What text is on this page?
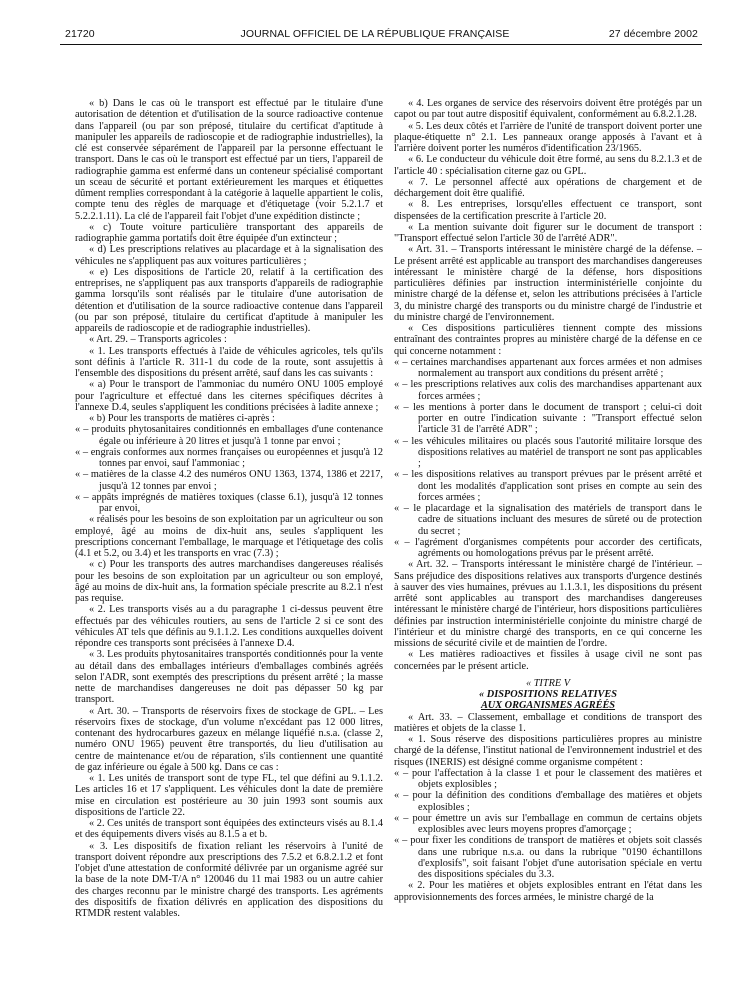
21720	JOURNAL OFFICIEL DE LA RÉPUBLIQUE FRANÇAISE	27 décembre 2002

« b) Dans le cas où le transport est effectué par le titulaire d'une autorisation de détention et d'utilisation de la source radioactive contenue dans l'appareil (ou par son préposé, titulaire du certificat d'aptitude à manipuler les appareils de radioscopie et de radiographie industrielles), la clé est conservée séparément de l'appareil par la personne effectuant le transport. Dans le cas où le transport est effectué par un tiers, l'appareil de radiographie gamma est enfermé dans un conteneur spécialisé comportant un sceau de sécurité et portant extérieurement les marques et étiquettes dûment remplies correspondant à la catégorie à laquelle appartient le colis, compte tenu des règles de marquage et d'étiquetage (voir 5.2.1.7 et 5.2.2.1.11). La clé de l'appareil fait l'objet d'une expédition distincte ;

« c) Toute voiture particulière transportant des appareils de radiographie gamma portatifs doit être équipée d'un extincteur ;

« d) Les prescriptions relatives au placardage et à la signalisation des véhicules ne s'appliquent pas aux voitures particulières ;

« e) Les dispositions de l'article 20, relatif à la certification des entreprises, ne s'appliquent pas aux transports d'appareils de radiographie gamma lorsqu'ils sont réalisés par le titulaire d'une autorisation de détention et d'utilisation de la source radioactive contenue dans l'appareil (ou par son préposé, titulaire du certificat d'aptitude à manipuler les appareils de radioscopie et de radiographie industrielles).

« Art. 29. – Transports agricoles :

« 1. Les transports effectués à l'aide de véhicules agricoles, tels qu'ils sont définis à l'article R. 311-1 du code de la route, sont assujettis à l'ensemble des dispositions du présent arrêté, sauf dans les cas suivants :

« a) Pour le transport de l'ammoniac du numéro ONU 1005 employé pour l'agriculture et effectué dans les citernes spécifiques décrites à l'annexe D.4, seules s'appliquent les conditions précisées à ladite annexe ;

« b) Pour les transports de matières ci-après :

« – produits phytosanitaires conditionnés en emballages d'une contenance égale ou inférieure à 20 litres et jusqu'à 1 tonne par envoi ;
« – engrais conformes aux normes françaises ou européennes et jusqu'à 12 tonnes par envoi, sauf l'ammoniac ;
« – matières de la classe 4.2 des numéros ONU 1363, 1374, 1386 et 2217, jusqu'à 12 tonnes par envoi ;
« – appâts imprégnés de matières toxiques (classe 6.1), jusqu'à 12 tonnes par envoi,

« réalisés pour les besoins de son exploitation par un agriculteur ou son employé, âgé au moins de dix-huit ans, seules s'appliquent les prescriptions concernant l'emballage, le marquage et l'étiquetage des colis (4.1 et 5.2, ou 3.4) et les transports en vrac (7.3) ;

« c) Pour les transports des autres marchandises dangereuses réalisés pour les besoins de son exploitation par un agriculteur ou son employé, âgé au moins de dix-huit ans, la formation spéciale prescrite au 8.2.1 n'est pas requise.

« 2. Les transports visés au a du paragraphe 1 ci-dessus peuvent être effectués par des véhicules routiers, au sens de l'article 2 si ce sont des véhicules AT tels que définis au 9.1.1.2. Les conditions auxquelles doivent répondre ces transports sont précisées à l'annexe D.4.

« 3. Les produits phytosanitaires transportés conditionnés pour la vente au détail dans des emballages intérieurs d'emballages combinés agréés selon l'ADR, sont exemptés des prescriptions du présent arrêté ; la masse nette de marchandises dangereuses ne doit pas dépasser 50 kg par transport.

« Art. 30. – Transports de réservoirs fixes de stockage de GPL. – Les réservoirs fixes de stockage, d'un volume n'excédant pas 12 000 litres, contenant des hydrocarbures gazeux en mélange liquéfié n.s.a. (classe 2, numéro ONU 1965) peuvent être transportés, du lieu d'utilisation au centre de maintenance et/ou de réparation, s'ils contiennent une quantité de gaz inférieure ou égale à 500 kg. Dans ce cas :

« 1. Les unités de transport sont de type FL, tel que défini au 9.1.1.2. Les articles 16 et 17 s'appliquent. Les véhicules dont la date de première mise en circulation est postérieure au 30 juin 1993 sont soumis aux dispositions de l'article 22.

« 2. Ces unités de transport sont équipées des extincteurs visés au 8.1.4 et des équipements divers visés au 8.1.5 a et b.

« 3. Les dispositifs de fixation reliant les réservoirs à l'unité de transport doivent répondre aux prescriptions des 7.5.2 et 6.8.2.1.2 et font l'objet d'une attestation de conformité délivrée par un organisme agréé sur la base de la note DM-T/A n° 120046 du 11 mai 1983 ou un autre cahier des charges reconnu par le ministre chargé des transports. Les agréments des dispositifs de fixation délivrés en application des dispositions du RTMDR restent valables.

« 4. Les organes de service des réservoirs doivent être protégés par un capot ou par tout autre dispositif équivalent, conformément au 6.8.2.1.28.

« 5. Les deux côtés et l'arrière de l'unité de transport doivent porter une plaque-étiquette n° 2.1. Les panneaux orange apposés à l'avant et à l'arrière doivent porter les numéros d'identification 23/1965.

« 6. Le conducteur du véhicule doit être formé, au sens du 8.2.1.3 et de l'article 40 : spécialisation citerne gaz ou GPL.

« 7. Le personnel affecté aux opérations de chargement et de déchargement doit être qualifié.

« 8. Les entreprises, lorsqu'elles effectuent ce transport, sont dispensées de la certification prescrite à l'article 20.

« La mention suivante doit figurer sur le document de transport : "Transport effectué selon l'article 30 de l'arrêté ADR".

« Art. 31. – Transports intéressant le ministère chargé de la défense. – Le présent arrêté est applicable au transport des marchandises dangereuses intéressant le ministère chargé de la défense, hors dispositions particulières définies par instruction interministérielle conjointe du ministre chargé de la défense et, selon les attributions précisées à l'article 3, du ministre chargé des transports ou du ministre chargé de l'industrie et du ministre chargé de l'environnement.

« Ces dispositions particulières tiennent compte des missions entraînant des contraintes propres au ministère chargé de la défense en ce qui concerne notamment :

« – certaines marchandises appartenant aux forces armées et non admises normalement au transport aux conditions du présent arrêté ;
« – les prescriptions relatives aux colis des marchandises appartenant aux forces armées ;
« – les mentions à porter dans le document de transport ; celui-ci doit porter en outre l'indication suivante : "Transport effectué selon l'article 31 de l'arrêté ADR" ;
« – les véhicules militaires ou placés sous l'autorité militaire lorsque des dispositions relatives au matériel de transport ne sont pas applicables ;
« – les dispositions relatives au transport prévues par le présent arrêté et dont les modalités d'application sont prises en compte au sein des forces armées ;
« – le placardage et la signalisation des matériels de transport dans le cadre de situations incluant des mesures de sûreté ou de protection du secret ;
« – l'agrément d'organismes compétents pour accorder des certificats, agréments ou homologations prévus par le présent arrêté.

« Art. 32. – Transports intéressant le ministère chargé de l'intérieur. – Sans préjudice des dispositions relatives aux transports d'urgence destinés à sauver des vies humaines, prévues au 1.1.3.1, les dispositions du présent arrêté sont applicables au transport des marchandises dangereuses intéressant le ministère chargé de l'intérieur, hors dispositions particulières définies par instruction interministérielle conjointe du ministre chargé de l'intérieur et du ministre chargé des transports, en ce qui concerne les missions de sécurité civile et de maintien de l'ordre.

« Les matières radioactives et fissiles à usage civil ne sont pas concernées par le présent article.

« TITRE V

« DISPOSITIONS RELATIVES

AUX ORGANISMES AGRÉÉS

« Art. 33. – Classement, emballage et conditions de transport des matières et objets de la classe 1.

« 1. Sous réserve des dispositions particulières propres au ministre chargé de la défense, l'institut national de l'environnement industriel et des risques (INERIS) est désigné comme organisme compétent :

« – pour l'affectation à la classe 1 et pour le classement des matières et objets explosibles ;
« – pour la définition des conditions d'emballage des matières et objets explosibles ;
« – pour émettre un avis sur l'emballage en commun de certains objets explosibles avec leurs moyens propres d'amorçage ;
« – pour fixer les conditions de transport de matières et objets soit classés dans une rubrique n.s.a. ou dans la rubrique "0190 échantillons d'explosifs", soit faisant l'objet d'une autorisation spéciale en vertu des dispositions spéciales du 3.3.

« 2. Pour les matières et objets explosibles entrant en l'état dans les approvisionnements des forces armées, le ministre chargé de la
